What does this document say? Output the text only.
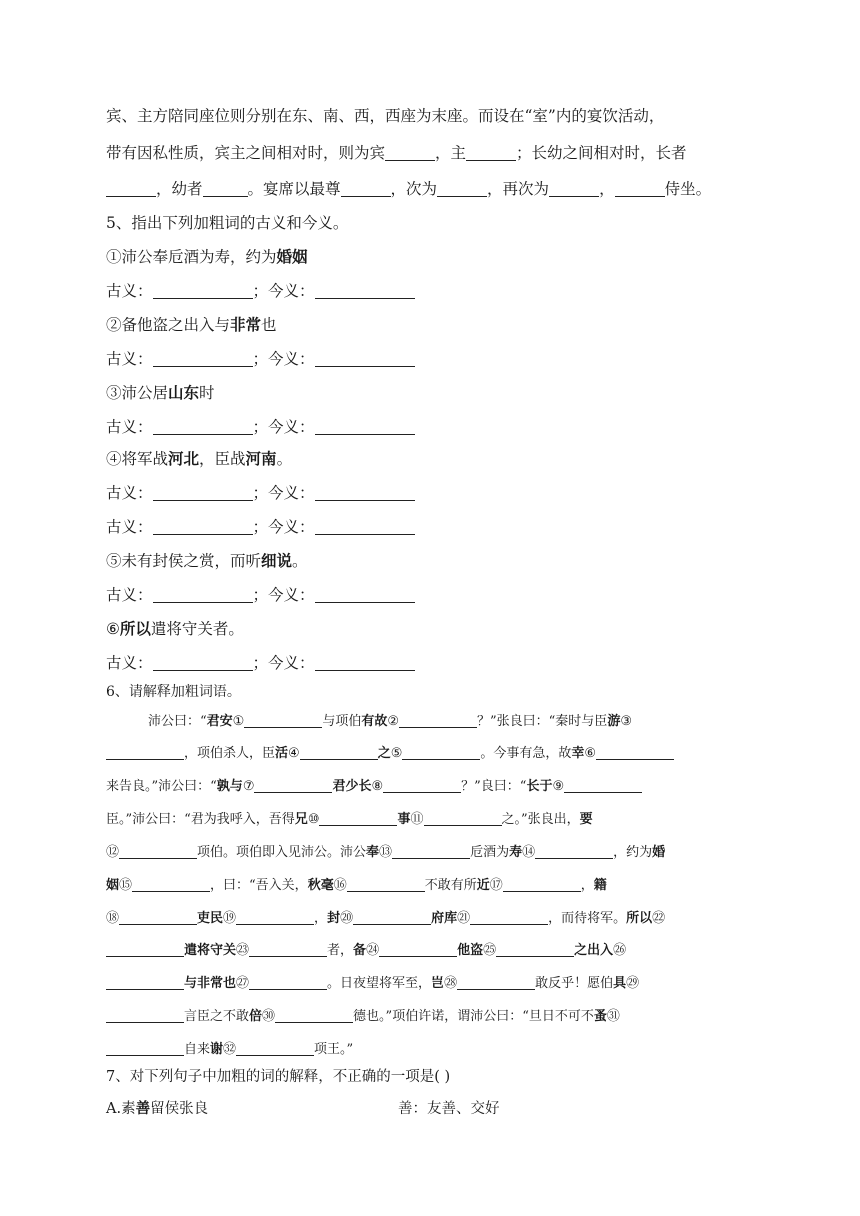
宾、主方陪同座位则分别在东、南、西，西座为末座。而设在“室”内的宴饮活动，
带有因私性质，宾主之间相对时，则为宾	，主	；长幼之间相对时，长者
，幼者	。宴席以最尊	，次为	，再次为	，	侍坐。
5、指出下列加粗词的古义和今义。
①沛公奉卮酒为寿，约为婚姻
古义：	；今义：
②备他盗之出入与非常也
古义：	；今义：
③沛公居山东时
古义：	；今义：
④将军战河北，臣战河南。
古义：	；今义：
古义：	；今义：
⑤未有封侯之赏，而听细说。
古义：	；今义：
⑥所以遣将守关者。
古义：	；今义：
6、请解释加粗词语。
沛公曰：“君安①	与项伯有故②	？”张良曰：“秦时与臣游③
，项伯杀人，臣活④	之⑤	。今事有急，故幸⑥
来告良。”沛公曰：“孰与⑦	君少长⑧	？”良曰：“长于⑨
臣。”沛公曰：“君为我呼入，吾得兄⑩	事⑪	之。”张良出，要
⑫	项伯。项伯即入见沛公。沛公奉⑬	卮酒为寿⑭	，约为婚
姻⑮	，曰：“吾入关，秋毫⑯	不敢有所近⑰	，籍
⑱	吏民⑲	，封⑳	府库㉑	，而待将军。所以㉒
遣将守关㉓	者，备㉔	他盗㉕	之出入㉖
与非常也㉗	。日夜望将军至，岂㉘	敢反乎！愿伯具㉙
言臣之不敢倍㉚	德也。”项伯许诺，谓沛公曰：“旦日不可不蚤㉛
自来谢㉜	项王。”
7、对下列句子中加粗的词的解释，不正确的一项是( )
A.素善留侯张良	善：友善、交好
